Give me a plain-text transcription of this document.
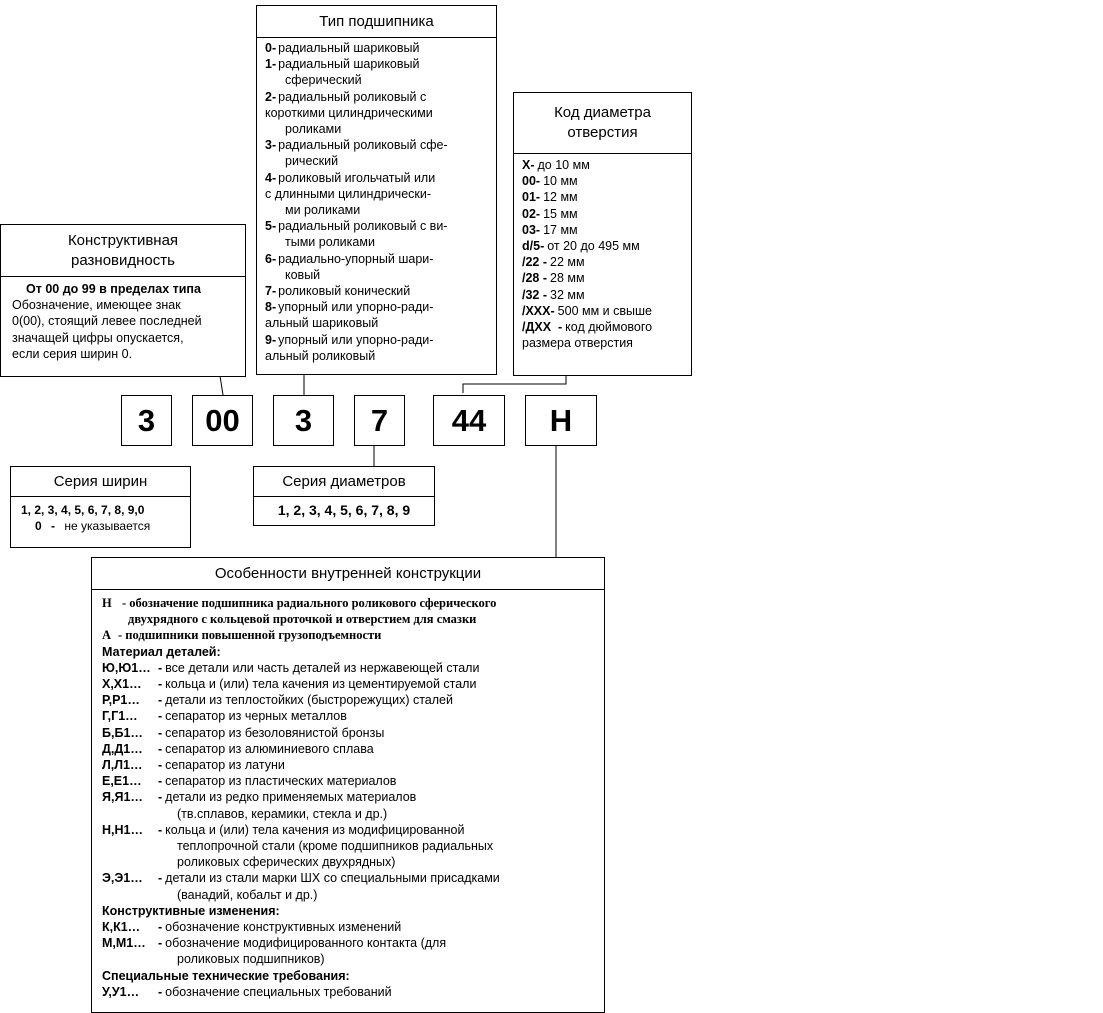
Тип подшипника
0- радиальный шариковый
1- радиальный шариковый
сферический
2- радиальный роликовый с
короткими цилиндрическими
роликами
3- радиальный роликовый сфе-
рический
4- роликовый игольчатый или
с длинными цилиндрически-
ми роликами
5- радиальный роликовый с ви-
тыми роликами
6- радиально-упорный шари-
ковый
7- роликовый конический
8- упорный или упорно-ради-
альный шариковый
9- упорный или упорно-ради-
альный роликовый
Код диаметра
отверстия
X- до 10 мм
00- 10 мм
01- 12 мм
02- 15 мм
03- 17 мм
d/5- от 20 до 495 мм
/22 - 22 мм
/28 - 28 мм
/32 - 32 мм
/XXX- 500 мм и свыше
/ДXX  - код дюймового
размера отверстия
Конструктивная
разновидность
От 00 до 99 в пределах типа
Обозначение, имеющее знак
0(00), стоящий левее последней
значащей цифры опускается,
если серия ширин 0.
3	00	3	7	44	Н
Серия ширин
1, 2, 3, 4, 5, 6, 7, 8, 9,0
0 - не указывается
Серия диаметров
1, 2, 3, 4, 5, 6, 7, 8, 9
Особенности внутренней конструкции
Н - обозначение подшипника радиального роликового сферического
двухрядного с кольцевой проточкой и отверстием для смазки
А - подшипники повышенной грузоподъемности
Материал деталей:
Ю,Ю1… - все детали или часть деталей из нержавеющей стали
Х,Х1… - кольца и (или) тела качения из цементируемой стали
Р,Р1… - детали из теплостойких (быстрорежущих) сталей
Г,Г1… - сепаратор из черных металлов
Б,Б1… - сепаратор из безоловянистой бронзы
Д,Д1… - сепаратор из алюминиевого сплава
Л,Л1… - сепаратор из латуни
Е,Е1… - сепаратор из пластических материалов
Я,Я1… - детали из редко применяемых материалов
(тв.сплавов, керамики, стекла и др.)
Н,Н1… - кольца и (или) тела качения из модифицированной
теплопрочной стали (кроме подшипников радиальных
роликовых сферических двухрядных)
Э,Э1… - детали из стали марки ШХ со специальными присадками
(ванадий, кобальт и др.)
Конструктивные изменения:
К,К1… - обозначение конструктивных изменений
М,М1… - обозначение модифицированного контакта (для
роликовых подшипников)
Специальные технические требования:
У,У1… - обозначение специальных требований
